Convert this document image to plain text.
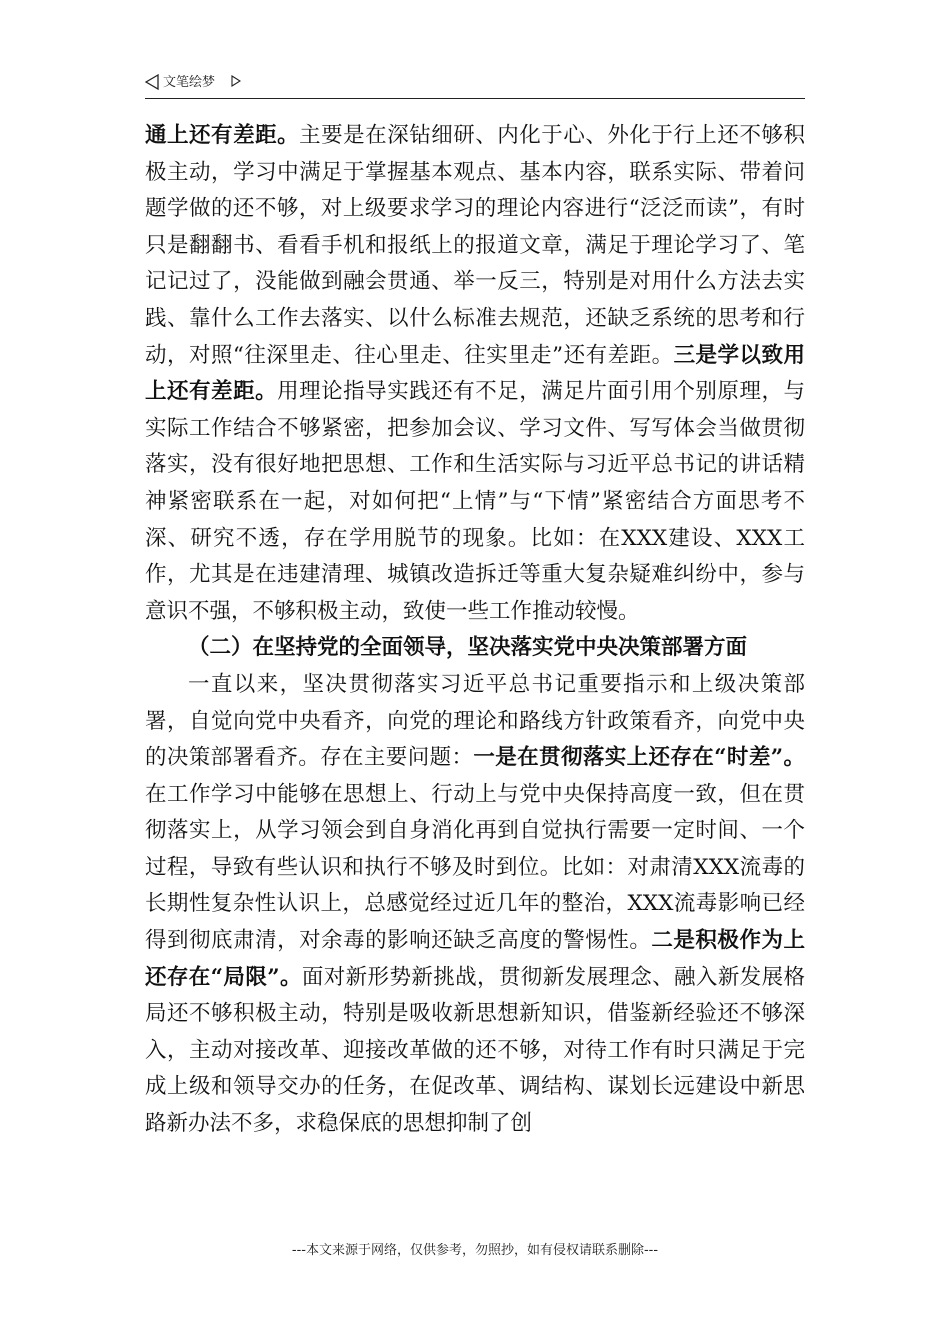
文笔绘梦

通上还有差距。主要是在深钻细研、内化于心、外化于行上还不够积极主动，学习中满足于掌握基本观点、基本内容，联系实际、带着问题学做的还不够，对上级要求学习的理论内容进行“泛泛而读”，有时只是翻翻书、看看手机和报纸上的报道文章，满足于理论学习了、笔记记过了，没能做到融会贯通、举一反三，特别是对用什么方法去实践、靠什么工作去落实、以什么标准去规范，还缺乏系统的思考和行动，对照“往深里走、往心里走、往实里走”还有差距。三是学以致用上还有差距。用理论指导实践还有不足，满足片面引用个别原理，与实际工作结合不够紧密，把参加会议、学习文件、写写体会当做贯彻落实，没有很好地把思想、工作和生活实际与习近平总书记的讲话精神紧密联系在一起，对如何把“上情”与“下情”紧密结合方面思考不深、研究不透，存在学用脱节的现象。比如：在XXX建设、XXX工作，尤其是在违建清理、城镇改造拆迁等重大复杂疑难纠纷中，参与意识不强，不够积极主动，致使一些工作推动较慢。

（二）在坚持党的全面领导，坚决落实党中央决策部署方面

一直以来，坚决贯彻落实习近平总书记重要指示和上级决策部署，自觉向党中央看齐，向党的理论和路线方针政策看齐，向党中央的决策部署看齐。存在主要问题：一是在贯彻落实上还存在“时差”。在工作学习中能够在思想上、行动上与党中央保持高度一致，但在贯彻落实上，从学习领会到自身消化再到自觉执行需要一定时间、一个过程，导致有些认识和执行不够及时到位。比如：对肃清XXX流毒的长期性复杂性认识上，总感觉经过近几年的整治，XXX流毒影响已经得到彻底肃清，对余毒的影响还缺乏高度的警惕性。二是积极作为上还存在“局限”。面对新形势新挑战，贯彻新发展理念、融入新发展格局还不够积极主动，特别是吸收新思想新知识，借鉴新经验还不够深入，主动对接改革、迎接改革做的还不够，对待工作有时只满足于完成上级和领导交办的任务，在促改革、调结构、谋划长远建设中新思路新办法不多，求稳保底的思想抑制了创

---本文来源于网络，仅供参考，勿照抄，如有侵权请联系删除---
